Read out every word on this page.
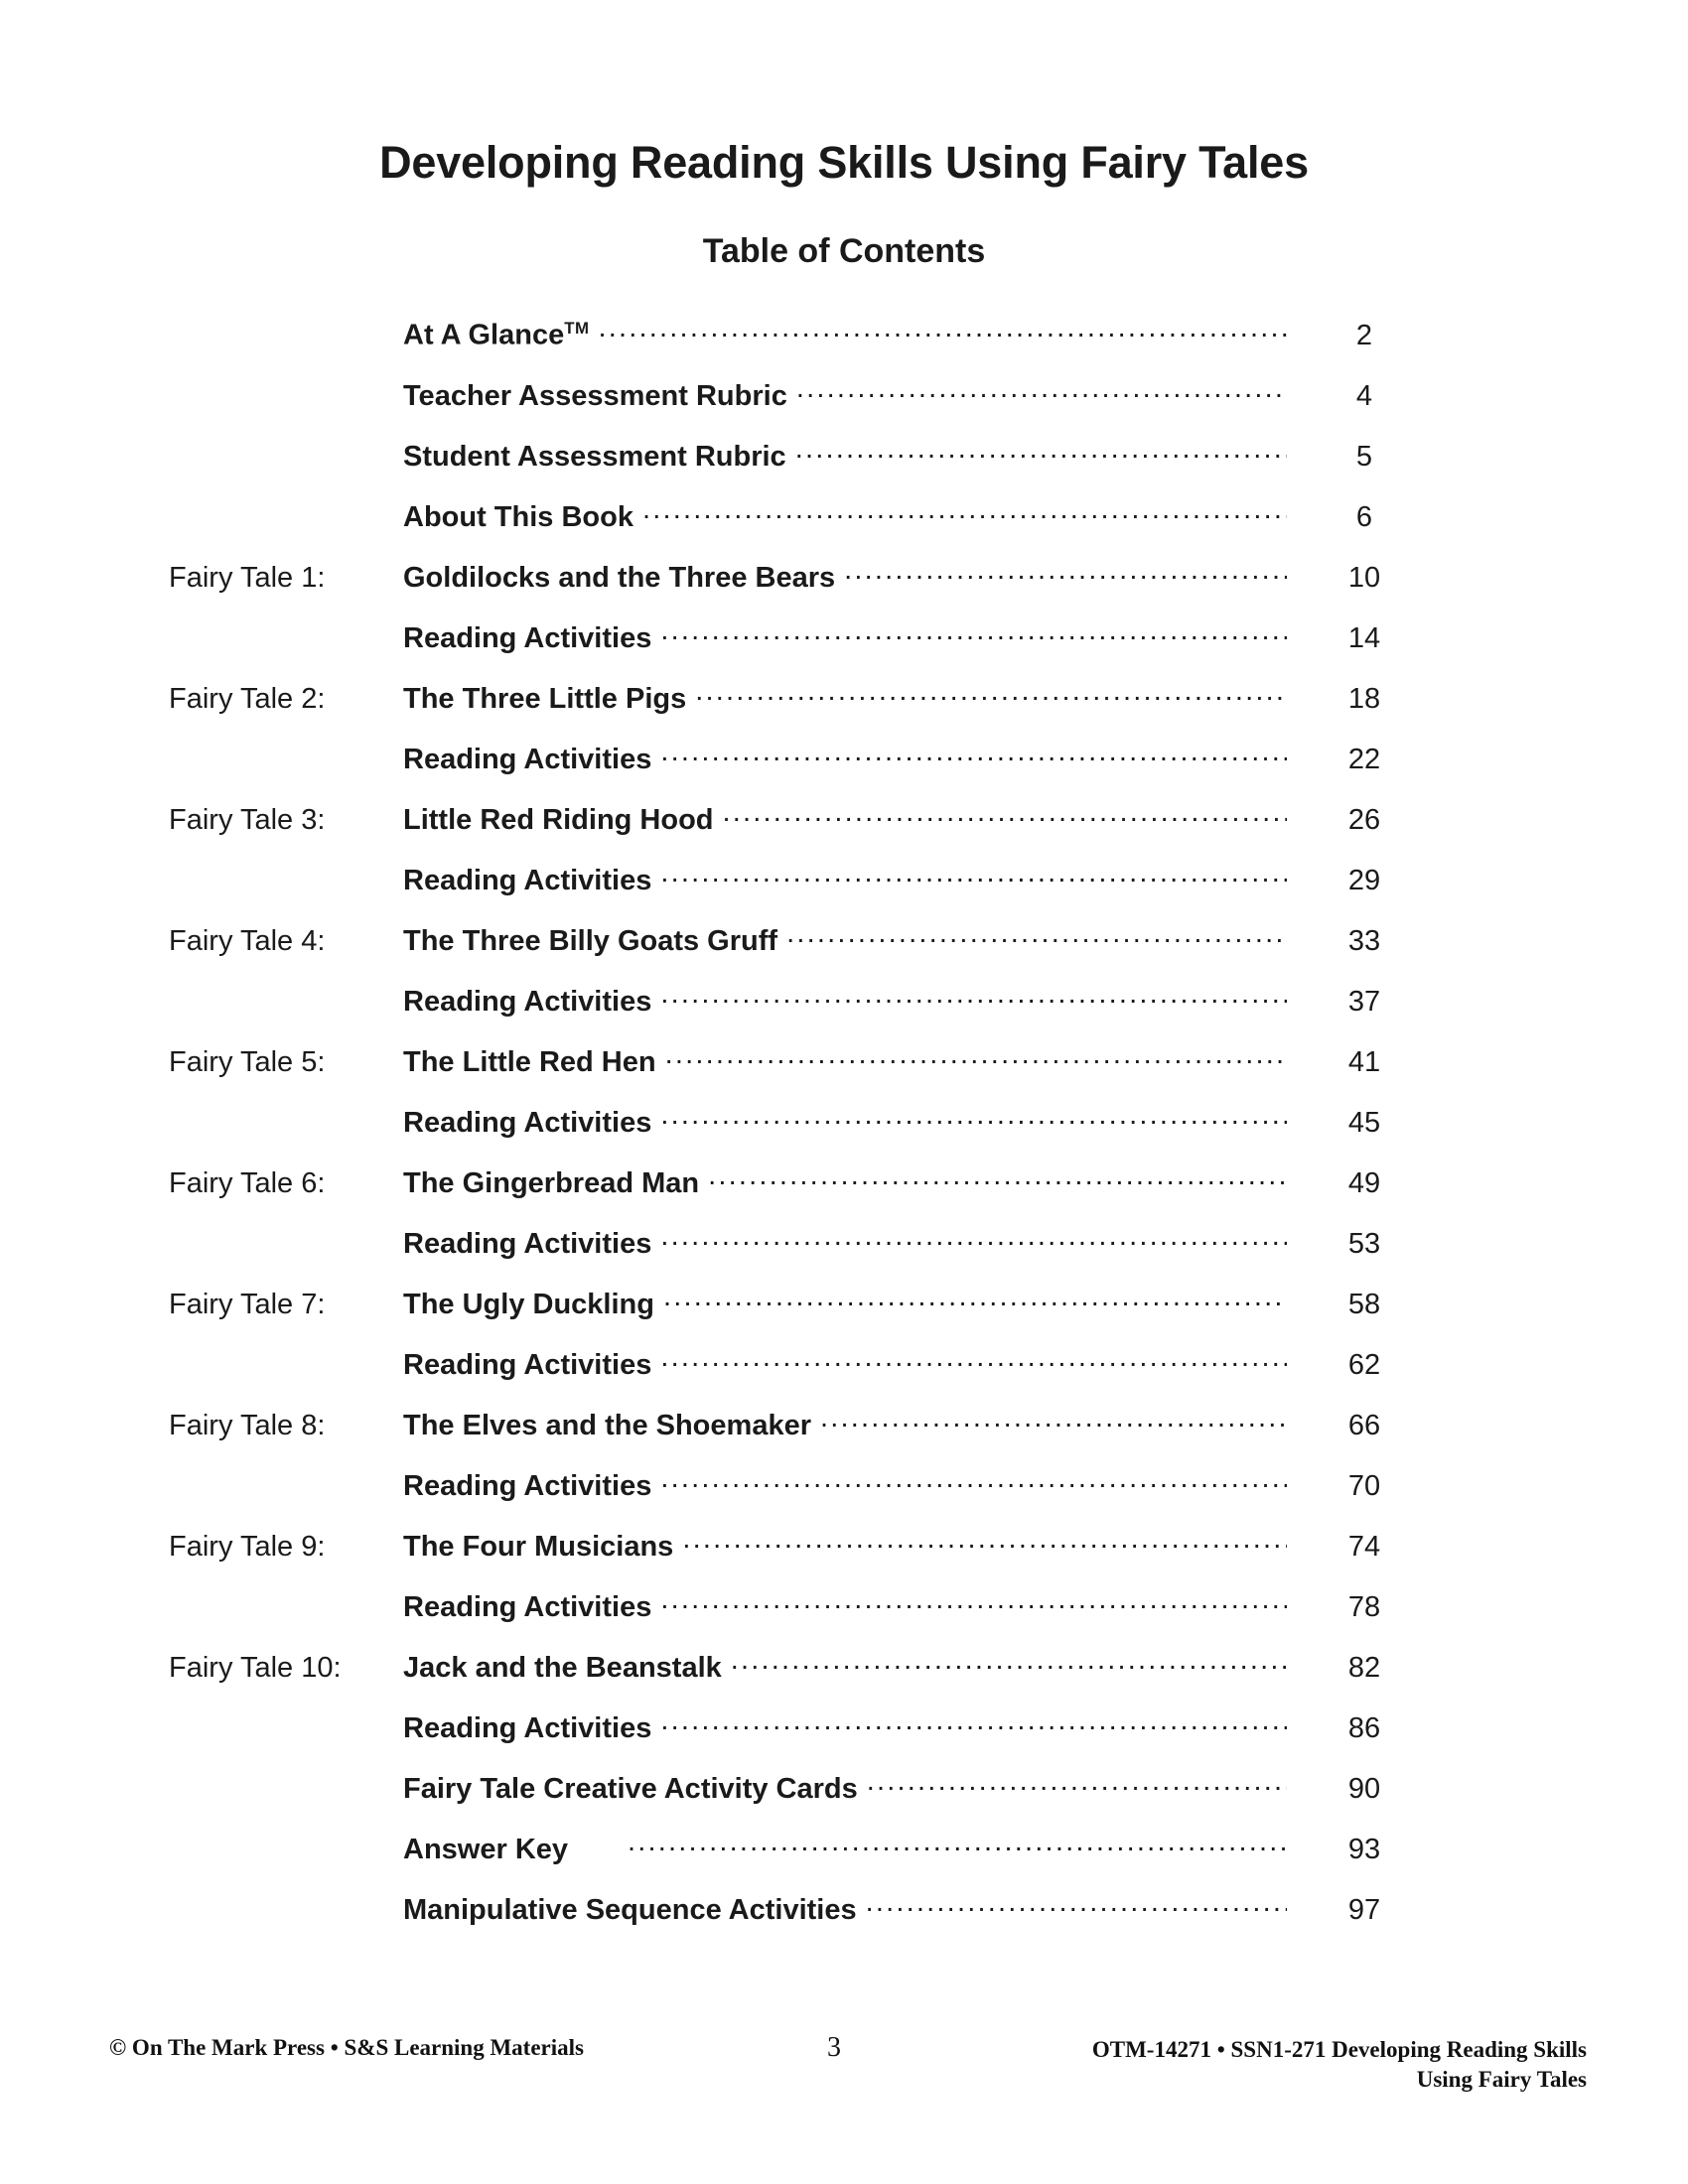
Developing Reading Skills Using Fairy Tales
Table of Contents
At A Glance™ .....	2
Teacher Assessment Rubric .....	4
Student Assessment Rubric .....	5
About This Book .....	6
Fairy Tale 1:	Goldilocks and the Three Bears .....	10
Reading Activities .....	14
Fairy Tale 2:	The Three Little Pigs .....	18
Reading Activities .....	22
Fairy Tale 3:	Little Red Riding Hood .....	26
Reading Activities .....	29
Fairy Tale 4:	The Three Billy Goats Gruff .....	33
Reading Activities .....	37
Fairy Tale 5:	The Little Red Hen .....	41
Reading Activities .....	45
Fairy Tale 6:	The Gingerbread Man .....	49
Reading Activities .....	53
Fairy Tale 7:	The Ugly Duckling .....	58
Reading Activities .....	62
Fairy Tale 8:	The Elves and the Shoemaker .....	66
Reading Activities .....	70
Fairy Tale 9:	The Four Musicians .....	74
Reading Activities .....	78
Fairy Tale 10:	Jack and the Beanstalk .....	82
Reading Activities .....	86
Fairy Tale Creative Activity Cards .....	90
Answer Key .....	93
Manipulative Sequence Activities .....	97
© On The Mark Press • S&S Learning Materials	3	OTM-14271 • SSN1-271 Developing Reading Skills
Using Fairy Tales
